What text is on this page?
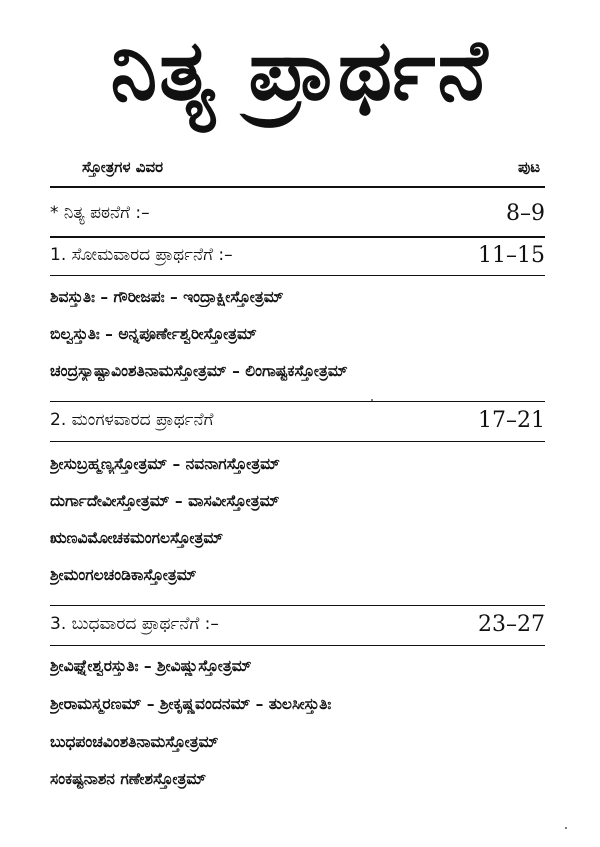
ನಿತ್ಯ ಪ್ರಾರ್ಥನೆ
ಸ್ತೋತ್ರಗಳ ವಿವರ	ಪುಟ
* ನಿತ್ಯ ಪಠನೆಗೆ :–	8–9
1. ಸೋಮವಾರದ ಪ್ರಾರ್ಥನೆಗೆ :–	11–15
ಶಿವಸ್ತುತಿಃ – ಗೌರೀಜಪಃ – ಇಂದ್ರಾಕ್ಷೀಸ್ತೋತ್ರಮ್
ಬಿಲ್ವಸ್ತುತಿಃ – ಅನ್ನಪೂರ್ಣೇಶ್ವರೀಸ್ತೋತ್ರಮ್
ಚಂದ್ರಸ್ಯಾಷ್ಟಾವಿಂಶತಿನಾಮಸ್ತೋತ್ರಮ್ – ಲಿಂಗಾಷ್ಟಕಸ್ತೋತ್ರಮ್
2. ಮಂಗಳವಾರದ ಪ್ರಾರ್ಥನೆಗೆ	17–21
ಶ್ರೀಸುಬ್ರಹ್ಮಣ್ಯಸ್ತೋತ್ರಮ್ – ನವನಾಗಸ್ತೋತ್ರಮ್
ದುರ್ಗಾದೇವೀಸ್ತೋತ್ರಮ್ – ವಾಸವೀಸ್ತೋತ್ರಮ್
ಋಣವಿಮೋಚಕಮಂಗಲಸ್ತೋತ್ರಮ್
ಶ್ರೀಮಂಗಲಚಂಡಿಕಾಸ್ತೋತ್ರಮ್
3. ಬುಧವಾರದ ಪ್ರಾರ್ಥನೆಗೆ :–	23–27
ಶ್ರೀವಿಘ್ನೇಶ್ವರಸ್ತುತಿಃ – ಶ್ರೀವಿಷ್ಣುಸ್ತೋತ್ರಮ್
ಶ್ರೀರಾಮಸ್ಮರಣಮ್ – ಶ್ರೀಕೃಷ್ಣವಂದನಮ್ – ತುಲಸೀಸ್ತುತಿಃ
ಬುಧಪಂಚವಿಂಶತಿನಾಮಸ್ತೋತ್ರಮ್
ಸಂಕಷ್ಟನಾಶನ ಗಣೇಶಸ್ತೋತ್ರಮ್
